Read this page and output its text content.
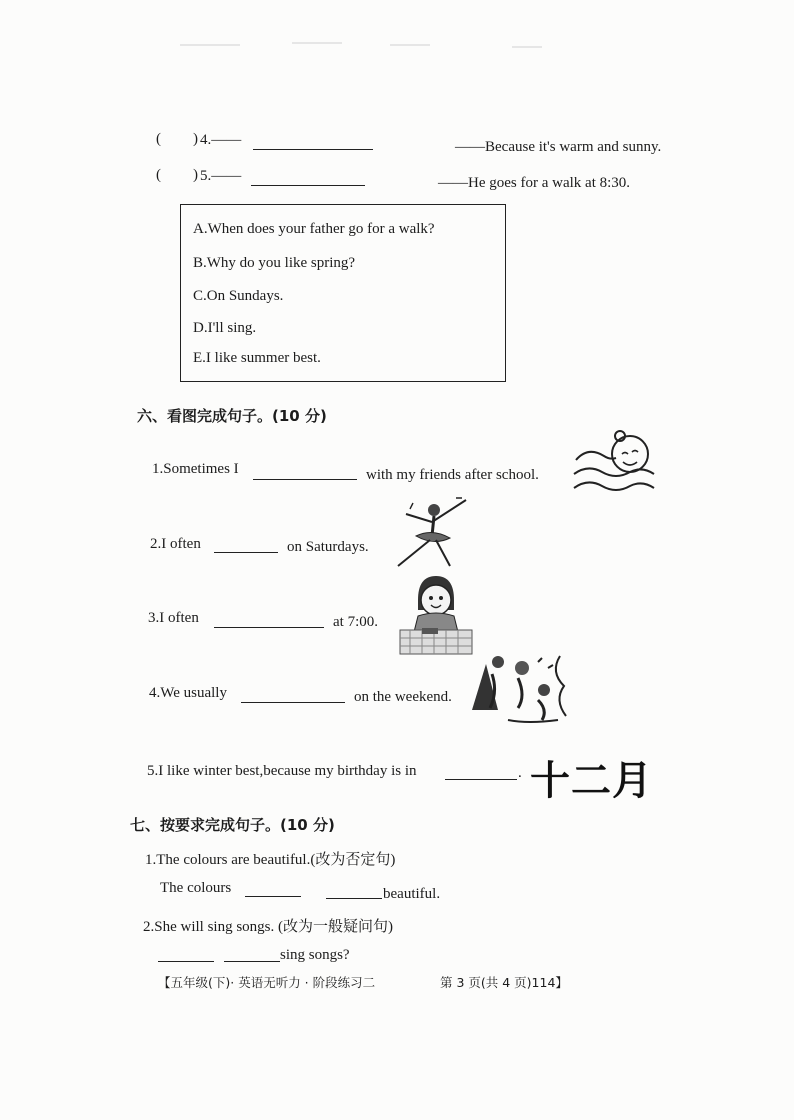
( ) 4.——	——Because it's warm and sunny.
( ) 5.——	——He goes for a walk at 8:30.
A.When does your father go for a walk?
B.Why do you like spring?
C.On Sundays.
D.I'll sing.
E.I like summer best.
六、看图完成句子。(10 分)
1.Sometimes I	with my friends after school.
2.I often	on Saturdays.
3.I often	at 7:00.
4.We usually	on the weekend.
5.I like winter best,because my birthday is in	. 十二月
七、按要求完成句子。(10 分)
1.The colours are beautiful.(改为否定句)
The colours	beautiful.
2.She will sing songs. (改为一般疑问句)
sing songs?
【五年级(下)· 英语无听力 · 阶段练习二	第 3 页(共 4 页)114】
